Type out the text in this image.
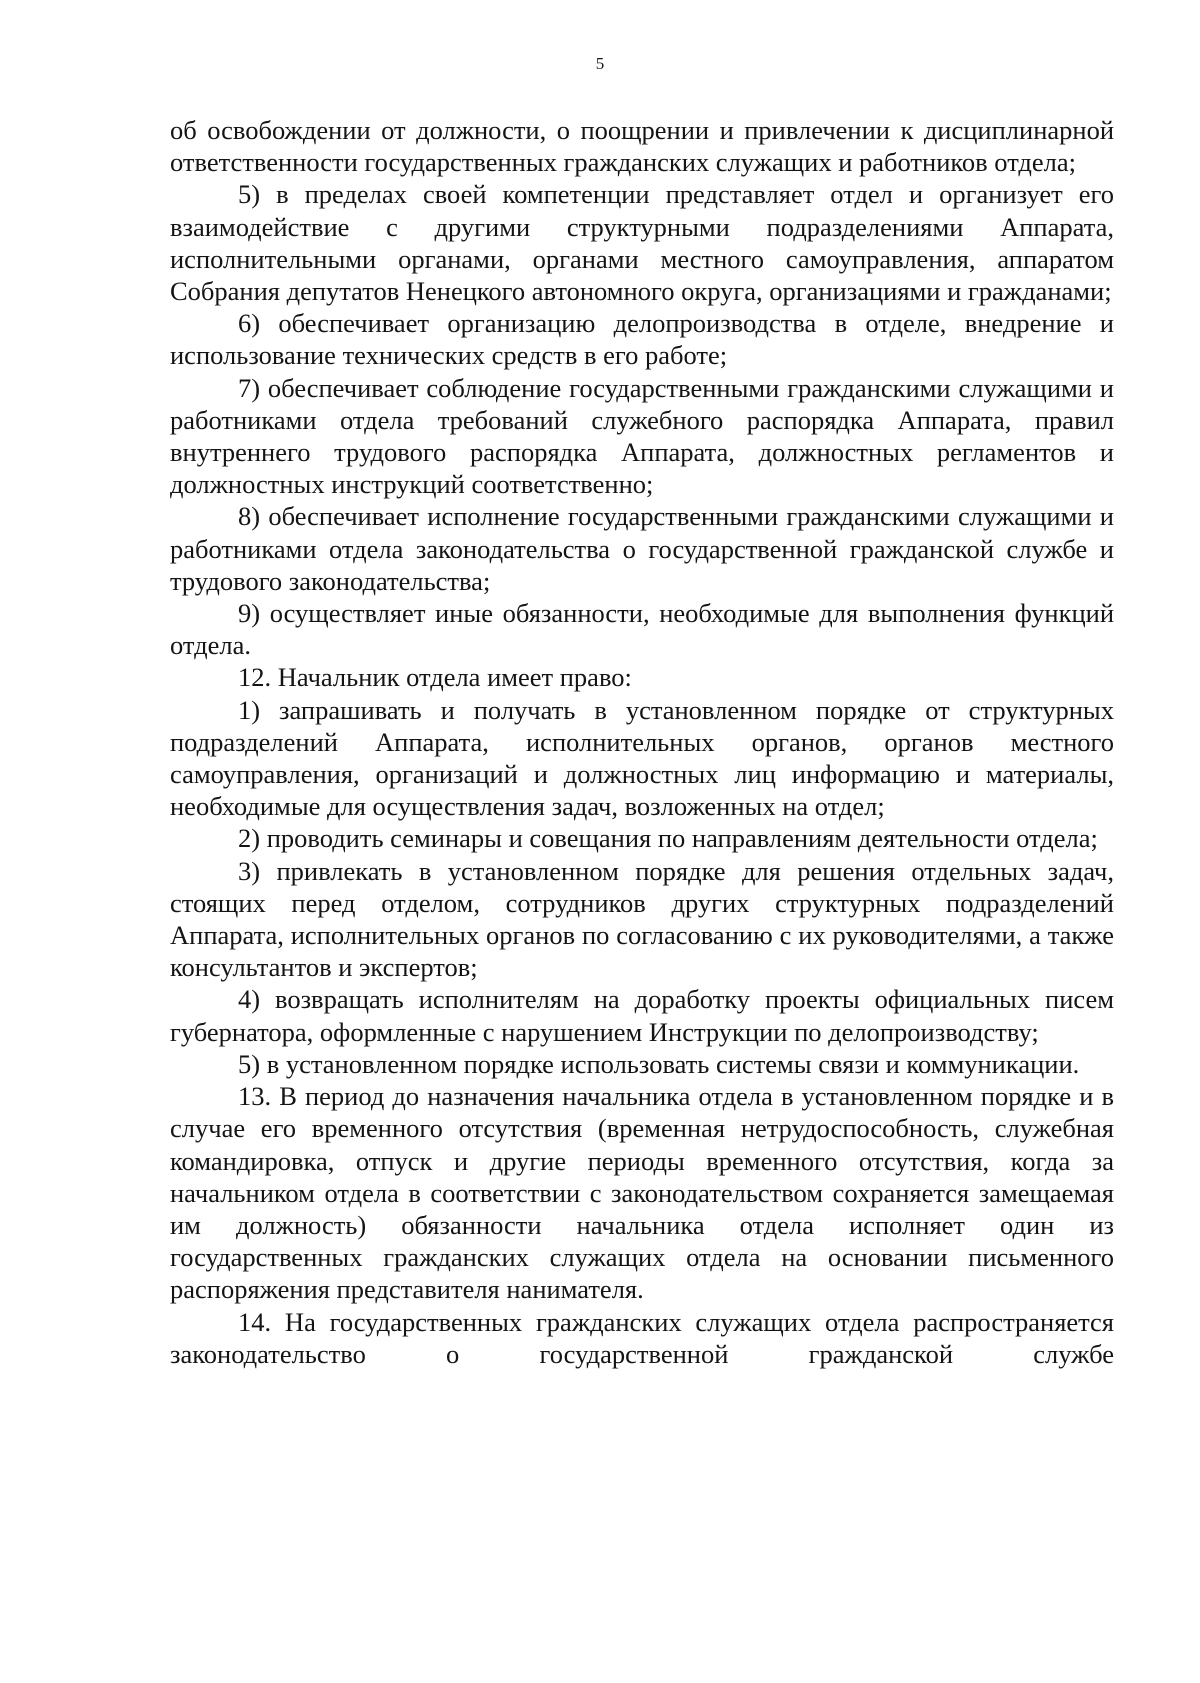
5

об освобождении от должности, о поощрении и привлечении к дисциплинарной ответственности государственных гражданских служащих и работников отдела;

5) в пределах своей компетенции представляет отдел и организует его взаимодействие с другими структурными подразделениями Аппарата, исполнительными органами, органами местного самоуправления, аппаратом Собрания депутатов Ненецкого автономного округа, организациями и гражданами;

6) обеспечивает организацию делопроизводства в отделе, внедрение и использование технических средств в его работе;

7) обеспечивает соблюдение государственными гражданскими служащими и работниками отдела требований служебного распорядка Аппарата, правил внутреннего трудового распорядка Аппарата, должностных регламентов и должностных инструкций соответственно;

8) обеспечивает исполнение государственными гражданскими служащими и работниками отдела законодательства о государственной гражданской службе и трудового законодательства;

9) осуществляет иные обязанности, необходимые для выполнения функций отдела.

12. Начальник отдела имеет право:

1) запрашивать и получать в установленном порядке от структурных подразделений Аппарата, исполнительных органов, органов местного самоуправления, организаций и должностных лиц информацию и материалы, необходимые для осуществления задач, возложенных на отдел;

2) проводить семинары и совещания по направлениям деятельности отдела;

3) привлекать в установленном порядке для решения отдельных задач, стоящих перед отделом, сотрудников других структурных подразделений Аппарата, исполнительных органов по согласованию с их руководителями, а также консультантов и экспертов;

4) возвращать исполнителям на доработку проекты официальных писем губернатора, оформленные с нарушением Инструкции по делопроизводству;

5) в установленном порядке использовать системы связи и коммуникации.

13. В период до назначения начальника отдела в установленном порядке и в случае его временного отсутствия (временная нетрудоспособность, служебная командировка, отпуск и другие периоды временного отсутствия, когда за начальником отдела в соответствии с законодательством сохраняется замещаемая им должность) обязанности начальника отдела исполняет один из государственных гражданских служащих отдела на основании письменного распоряжения представителя нанимателя.

14. На государственных гражданских служащих отдела распространяется законодательство о государственной гражданской службе
